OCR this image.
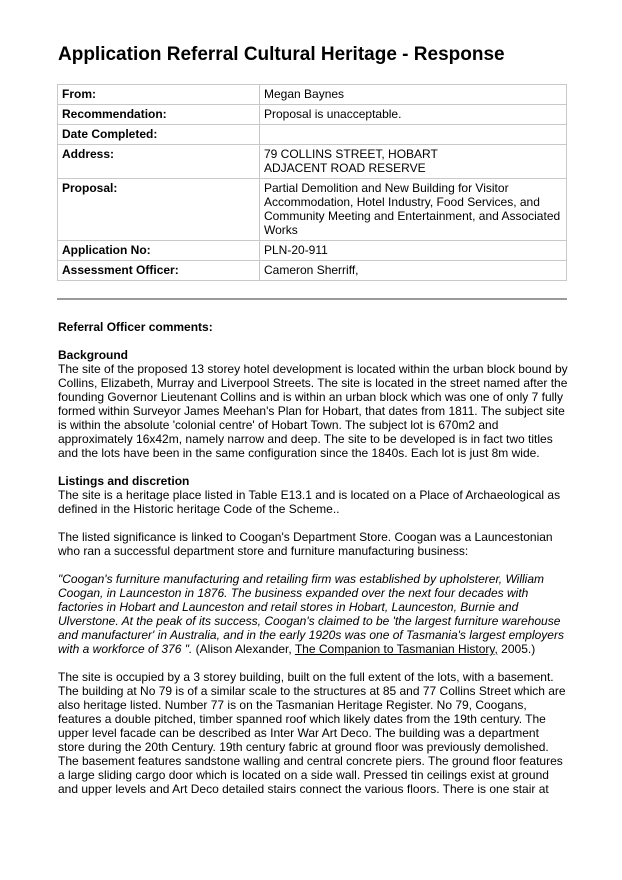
Application Referral Cultural Heritage - Response
From:	Megan Baynes
Recommendation:	Proposal is unacceptable.
Date Completed:	
Address:	79 COLLINS STREET, HOBART
ADJACENT ROAD RESERVE

Proposal:	Partial Demolition and New Building for Visitor Accommodation, Hotel Industry, Food Services, and Community Meeting and Entertainment, and Associated Works
Application No:	PLN-20-911
Assessment Officer:	Cameron Sherriff,

Referral Officer comments:

Background

The site of the proposed 13 storey hotel development is located within the urban block bound by Collins, Elizabeth, Murray and Liverpool Streets. The site is located in the street named after the founding Governor Lieutenant Collins and is within an urban block which was one of only 7 fully formed within Surveyor James Meehan's Plan for Hobart, that dates from 1811. The subject site is within the absolute 'colonial centre' of Hobart Town. The subject lot is 670m2 and approximately 16x42m, namely narrow and deep. The site to be developed is in fact two titles and the lots have been in the same configuration since the 1840s. Each lot is just 8m wide.

Listings and discretion

The site is a heritage place listed in Table E13.1 and is located on a Place of Archaeological as defined in the Historic heritage Code of the Scheme..

The listed significance is linked to Coogan's Department Store. Coogan was a Launcestonian who ran a successful department store and furniture manufacturing business:

"Coogan's furniture manufacturing and retailing firm was established by upholsterer, William Coogan, in Launceston in 1876. The business expanded over the next four decades with factories in Hobart and Launceston and retail stores in Hobart, Launceston, Burnie and Ulverstone. At the peak of its success, Coogan's claimed to be 'the largest furniture warehouse and manufacturer' in Australia, and in the early 1920s was one of Tasmania's largest employers with a workforce of 376 ". (Alison Alexander, The Companion to Tasmanian History, 2005.)

The site is occupied by a 3 storey building, built on the full extent of the lots, with a basement. The building at No 79 is of a similar scale to the structures at 85 and 77 Collins Street which are also heritage listed. Number 77 is on the Tasmanian Heritage Register. No 79, Coogans, features a double pitched, timber spanned roof which likely dates from the 19th century. The upper level facade can be described as Inter War Art Deco. The building was a department store during the 20th Century. 19th century fabric at ground floor was previously demolished. The basement features sandstone walling and central concrete piers. The ground floor features a large sliding cargo door which is located on a side wall. Pressed tin ceilings exist at ground and upper levels and Art Deco detailed stairs connect the various floors. There is one stair at
